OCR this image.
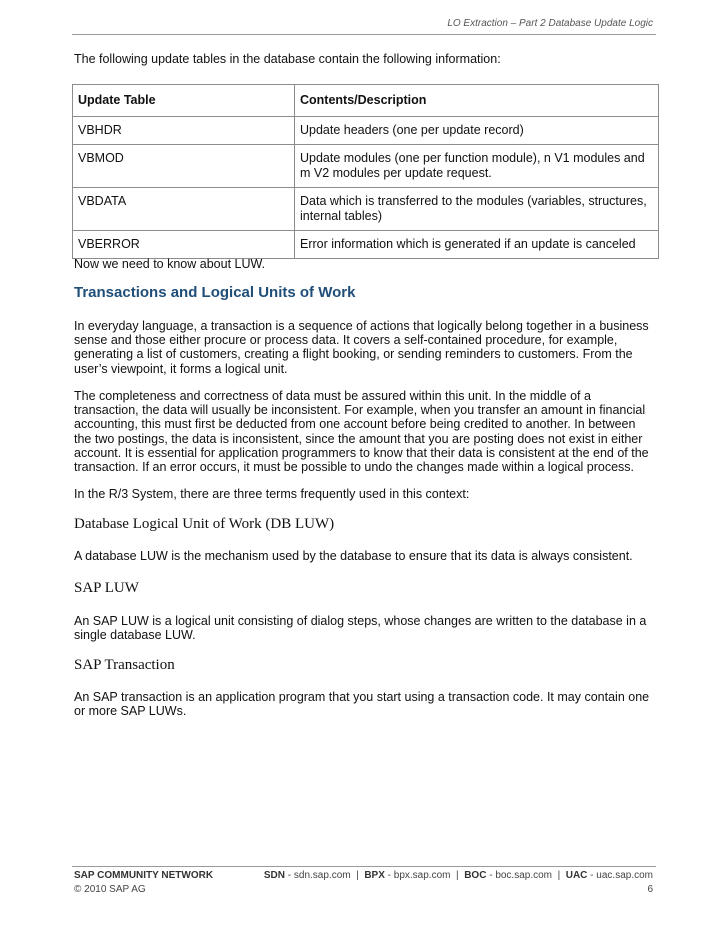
LO Extraction – Part 2 Database Update Logic
The following update tables in the database contain the following information:
Update Table	Contents/Description
VBHDR	Update headers (one per update record)
VBMOD	Update modules (one per function module), n V1 modules and m V2 modules per update request.
VBDATA	Data which is transferred to the modules (variables, structures, internal tables)
VBERROR	Error information which is generated if an update is canceled
Now we need to know about LUW.
Transactions and Logical Units of Work

In everyday language, a transaction is a sequence of actions that logically belong together in a business sense and those either procure or process data. It covers a self-contained procedure, for example, generating a list of customers, creating a flight booking, or sending reminders to customers. From the user’s viewpoint, it forms a logical unit.

The completeness and correctness of data must be assured within this unit. In the middle of a transaction, the data will usually be inconsistent. For example, when you transfer an amount in financial accounting, this must first be deducted from one account before being credited to another. In between the two postings, the data is inconsistent, since the amount that you are posting does not exist in either account. It is essential for application programmers to know that their data is consistent at the end of the transaction. If an error occurs, it must be possible to undo the changes made within a logical process.

In the R/3 System, there are three terms frequently used in this context:

Database Logical Unit of Work (DB LUW)

A database LUW is the mechanism used by the database to ensure that its data is always consistent.

SAP LUW

An SAP LUW is a logical unit consisting of dialog steps, whose changes are written to the database in a single database LUW.

SAP Transaction

An SAP transaction is an application program that you start using a transaction code. It may contain one or more SAP LUWs.

SAP COMMUNITY NETWORK	SDN - sdn.sap.com  |  BPX - bpx.sap.com  |  BOC - boc.sap.com  |  UAC - uac.sap.com
© 2010 SAP AG	6
